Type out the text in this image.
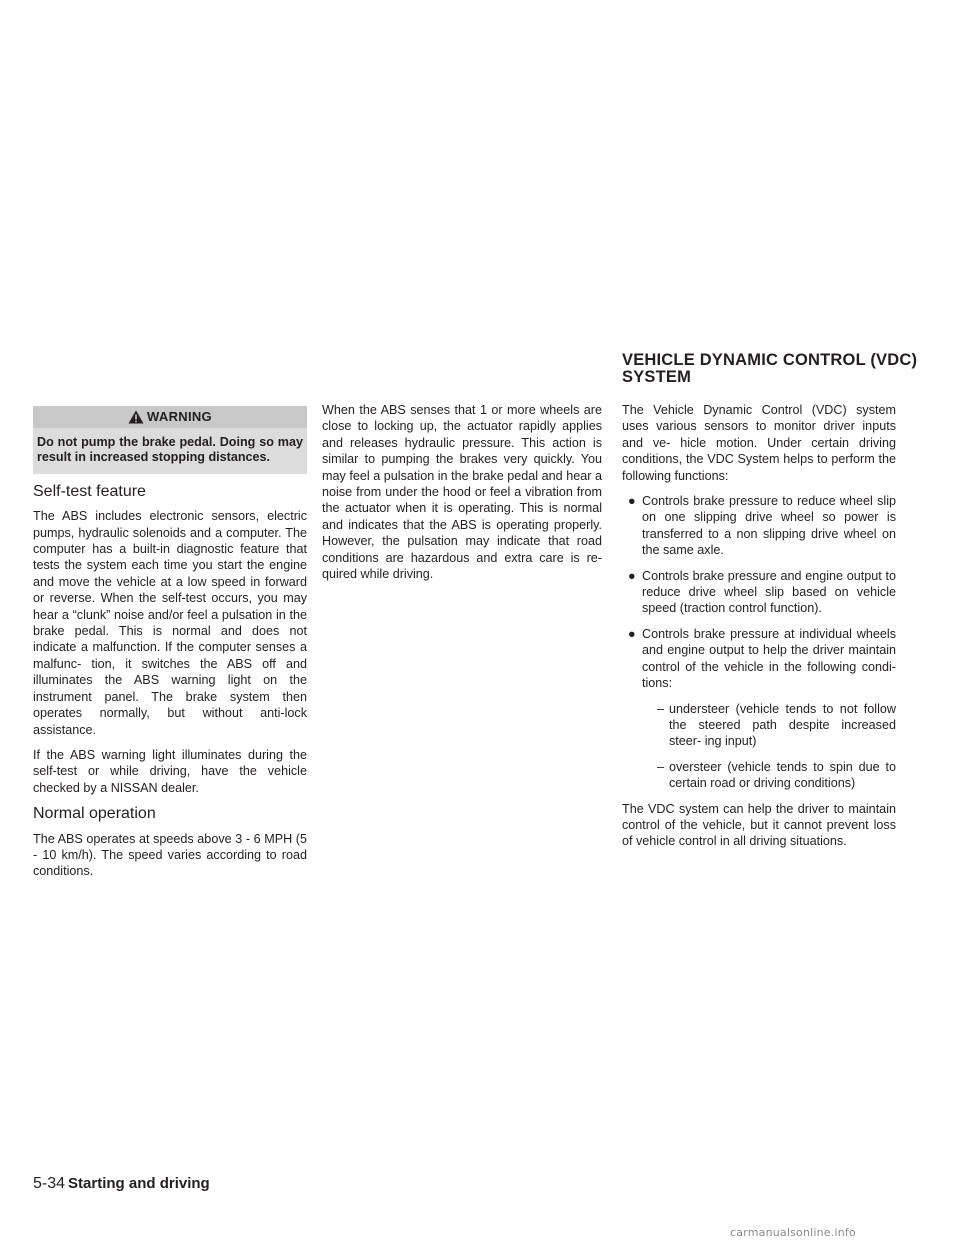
VEHICLE DYNAMIC CONTROL (VDC) SYSTEM
WARNING
Do not pump the brake pedal. Doing so may result in increased stopping distances.
Self-test feature

The ABS includes electronic sensors, electric pumps, hydraulic solenoids and a computer. The computer has a built-in diagnostic feature that tests the system each time you start the engine and move the vehicle at a low speed in forward or reverse. When the self-test occurs, you may hear a “clunk” noise and/or feel a pulsation in the brake pedal. This is normal and does not indicate a malfunction. If the computer senses a malfunc- tion, it switches the ABS off and illuminates the ABS warning light on the instrument panel. The brake system then operates normally, but without anti-lock assistance.

If the ABS warning light illuminates during the self-test or while driving, have the vehicle checked by a NISSAN dealer.

Normal operation

The ABS operates at speeds above 3 - 6 MPH (5 - 10 km/h). The speed varies according to road conditions.

When the ABS senses that 1 or more wheels are close to locking up, the actuator rapidly applies and releases hydraulic pressure. This action is similar to pumping the brakes very quickly. You may feel a pulsation in the brake pedal and hear a noise from under the hood or feel a vibration from the actuator when it is operating. This is normal and indicates that the ABS is operating properly. However, the pulsation may indicate that road conditions are hazardous and extra care is re- quired while driving.

The Vehicle Dynamic Control (VDC) system uses various sensors to monitor driver inputs and ve- hicle motion. Under certain driving conditions, the VDC System helps to perform the following functions:

● Controls brake pressure to reduce wheel slip on one slipping drive wheel so power is transferred to a non slipping drive wheel on the same axle.
● Controls brake pressure and engine output to reduce drive wheel slip based on vehicle speed (traction control function).
● Controls brake pressure at individual wheels and engine output to help the driver maintain control of the vehicle in the following condi- tions:
– understeer (vehicle tends to not follow the steered path despite increased steer- ing input)
– oversteer (vehicle tends to spin due to certain road or driving conditions)

The VDC system can help the driver to maintain control of the vehicle, but it cannot prevent loss of vehicle control in all driving situations.

5-34 Starting and driving
carmanualsonline.info
